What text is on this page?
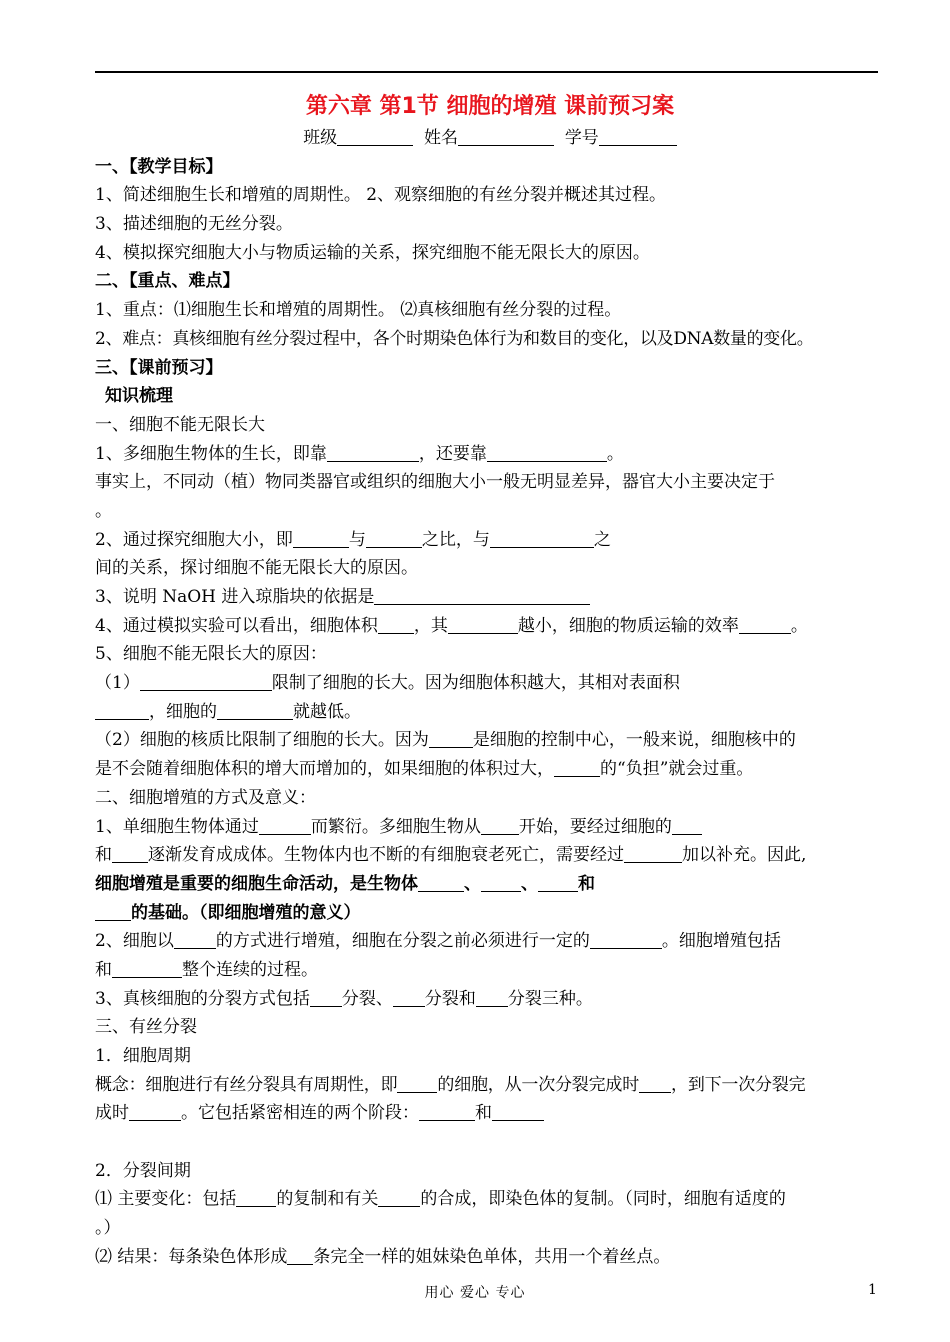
第六章 第1节 细胞的增殖 课前预习案
班级	姓名	学号
一、【教学目标】
1、简述细胞生长和增殖的周期性。 2、观察细胞的有丝分裂并概述其过程。
3、描述细胞的无丝分裂。
4、模拟探究细胞大小与物质运输的关系，探究细胞不能无限长大的原因。
二、【重点、难点】
1、重点：⑴细胞生长和增殖的周期性。 ⑵真核细胞有丝分裂的过程。
2、难点：真核细胞有丝分裂过程中，各个时期染色体行为和数目的变化，以及DNA数量的变化。
三、【课前预习】
知识梳理
一、细胞不能无限长大
1、多细胞生物体的生长，即靠	，还要靠	。
事实上，不同动（植）物同类器官或组织的细胞大小一般无明显差异，器官大小主要决定于
。
2、通过探究细胞大小，即	与	之比，与	之
间的关系，探讨细胞不能无限长大的原因。
3、说明 NaOH 进入琼脂块的依据是
4、通过模拟实验可以看出，细胞体积 ，其	越小，细胞的物质运输的效率	。
5、细胞不能无限长大的原因：
（1）	限制了细胞的长大。因为细胞体积越大，其相对表面积
，细胞的	就越低。
（2）细胞的核质比限制了细胞的长大。因为	是细胞的控制中心，一般来说，细胞核中的
是不会随着细胞体积的增大而增加的，如果细胞的体积过大，	的“负担”就会过重。
二、细胞增殖的方式及意义：
1、单细胞生物体通过	而繁衍。多细胞生物从 开始，要经过细胞的
和 逐渐发育成成体。生物体内也不断的有细胞衰老死亡，需要经过	加以补充。因此,
细胞增殖是重要的细胞生命活动，是生物体	、 、 和
的基础。（即细胞增殖的意义）
2、细胞以 的方式进行增殖，细胞在分裂之前必须进行一定的	。细胞增殖包括
和	整个连续的过程。
3、真核细胞的分裂方式包括 分裂、 分裂和 分裂三种。
三、有丝分裂
1．细胞周期
概念：细胞进行有丝分裂具有周期性，即 的细胞，从一次分裂完成时 ，到下一次分裂完
成时	。它包括紧密相连的两个阶段：	和
2．分裂间期
⑴ 主要变化：包括 的复制和有关 的合成，即染色体的复制。（同时，细胞有适度的
。）
⑵ 结果：每条染色体形成 条完全一样的姐妹染色单体，共用一个着丝点。
用心 爱心 专心	1
